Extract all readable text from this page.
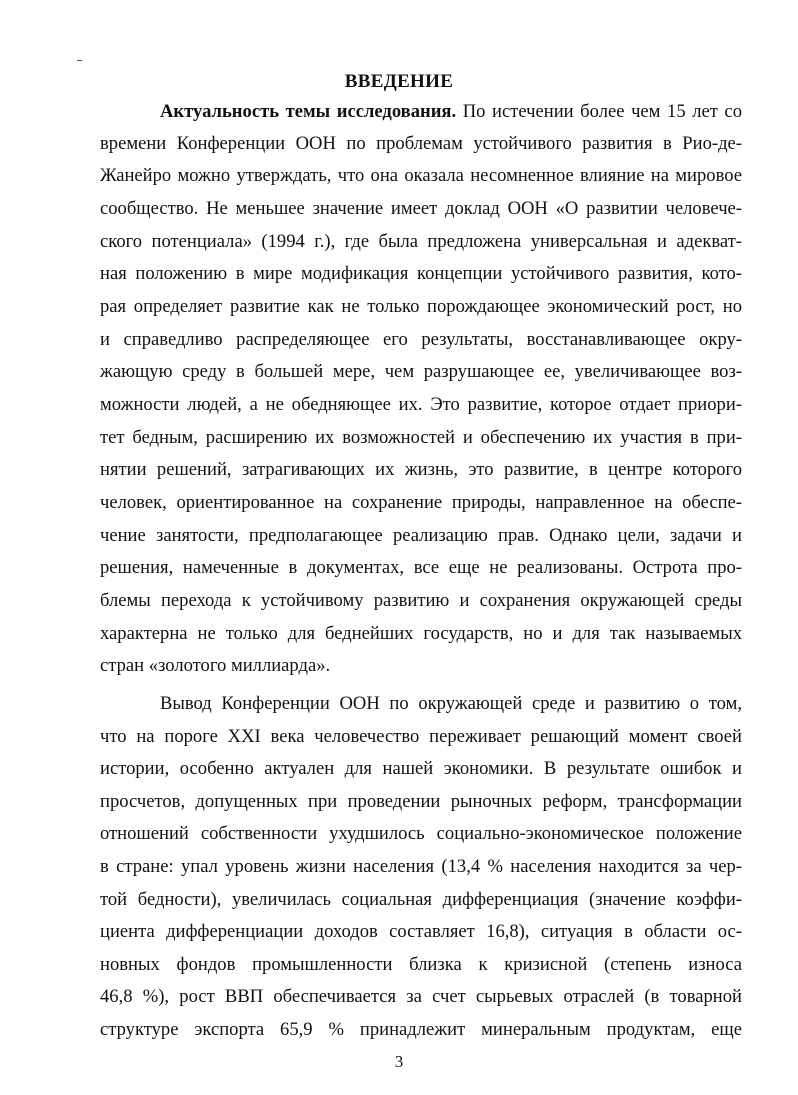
ВВЕДЕНИЕ
Актуальность темы исследования. По истечении более чем 15 лет со
времени Конференции ООН по проблемам устойчивого развития в Рио-де-
Жанейро можно утверждать, что она оказала несомненное влияние на мировое
сообщество. Не меньшее значение имеет доклад ООН «О развитии человече-
ского потенциала» (1994 г.), где была предложена универсальная и адекват-
ная положению в мире модификация концепции устойчивого развития, кото-
рая определяет развитие как не только порождающее экономический рост, но
и справедливо распределяющее его результаты, восстанавливающее окру-
жающую среду в большей мере, чем разрушающее ее, увеличивающее воз-
можности людей, а не обедняющее их. Это развитие, которое отдает приори-
тет бедным, расширению их возможностей и обеспечению их участия в при-
нятии решений, затрагивающих их жизнь, это развитие, в центре которого
человек, ориентированное на сохранение природы, направленное на обеспе-
чение занятости, предполагающее реализацию прав. Однако цели, задачи и
решения, намеченные в документах, все еще не реализованы. Острота про-
блемы перехода к устойчивому развитию и сохранения окружающей среды
характерна не только для беднейших государств, но и для так называемых
стран «золотого миллиарда».
Вывод Конференции ООН по окружающей среде и развитию о том,
что на пороге XXI века человечество переживает решающий момент своей
истории, особенно актуален для нашей экономики. В результате ошибок и
просчетов, допущенных при проведении рыночных реформ, трансформации
отношений собственности ухудшилось социально-экономическое положение
в стране: упал уровень жизни населения (13,4 % населения находится за чер-
той бедности), увеличилась социальная дифференциация (значение коэффи-
циента дифференциации доходов составляет 16,8), ситуация в области ос-
новных фондов промышленности близка к кризисной (степень износа
46,8 %), рост ВВП обеспечивается за счет сырьевых отраслей (в товарной
структуре экспорта 65,9 % принадлежит минеральным продуктам, еще
3
